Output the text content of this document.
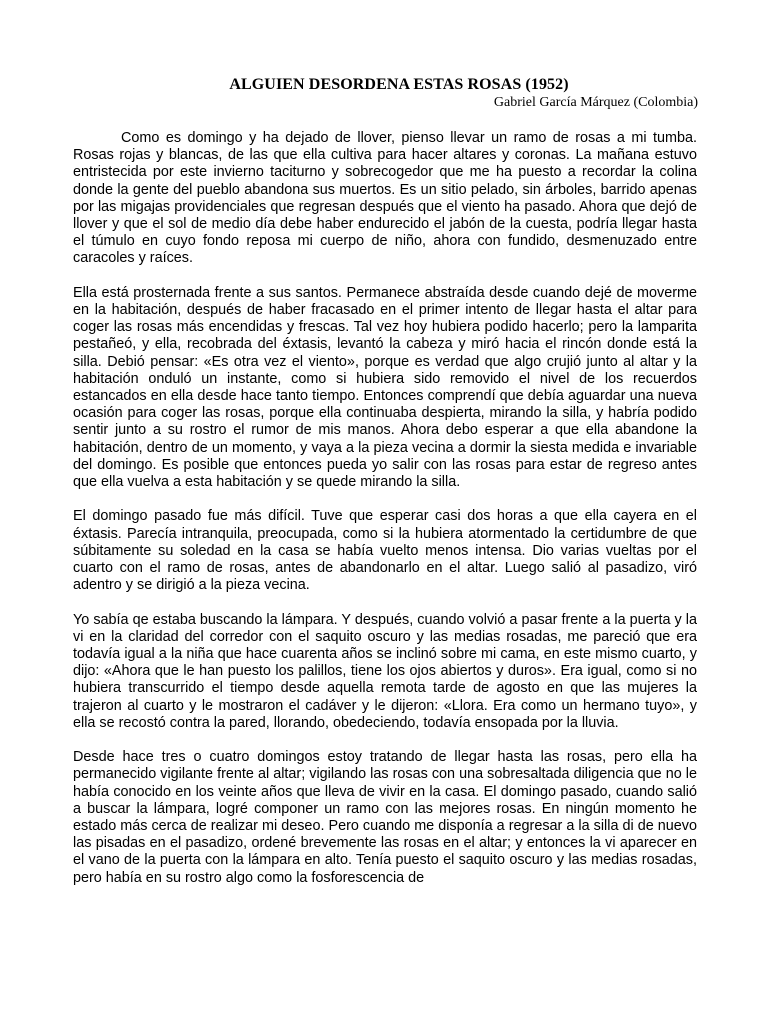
ALGUIEN DESORDENA ESTAS ROSAS (1952)
Gabriel García Márquez (Colombia)

Como es domingo y ha dejado de llover, pienso llevar un ramo de rosas a mi tumba. Rosas rojas y blancas, de las que ella cultiva para hacer altares y coronas. La mañana estuvo entristecida por este invierno taciturno y sobrecogedor que me ha puesto a recordar la colina donde la gente del pueblo abandona sus muertos. Es un sitio pelado, sin árboles, barrido apenas por las migajas providenciales que regresan después que el viento ha pasado. Ahora que dejó de llover y que el sol de medio día debe haber endurecido el jabón de la cuesta, podría llegar hasta el túmulo en cuyo fondo reposa mi cuerpo de niño, ahora con fundido, desmenuzado entre caracoles y raíces.

Ella está prosternada frente a sus santos. Permanece abstraída desde cuando dejé de moverme en la habitación, después de haber fracasado en el primer intento de llegar hasta el altar para coger las rosas más encendidas y frescas. Tal vez hoy hubiera podido hacerlo; pero la lamparita pestañeó, y ella, recobrada del éxtasis, levantó la cabeza y miró hacia el rincón donde está la silla. Debió pensar: «Es otra vez el viento», porque es verdad que algo crujió junto al altar y la habitación onduló un instante, como si hubiera sido removido el nivel de los recuerdos estancados en ella desde hace tanto tiempo. Entonces comprendí que debía aguardar una nueva ocasión para coger las rosas, porque ella continuaba despierta, mirando la silla, y habría podido sentir junto a su rostro el rumor de mis manos. Ahora debo esperar a que ella abandone la habitación, dentro de un momento, y vaya a la pieza vecina a dormir la siesta medida e invariable del domingo. Es posible que entonces pueda yo salir con las rosas para estar de regreso antes que ella vuelva a esta habitación y se quede mirando la silla.

El domingo pasado fue más difícil. Tuve que esperar casi dos horas a que ella cayera en el éxtasis. Parecía intranquila, preocupada, como si la hubiera atormentado la certidumbre de que súbitamente su soledad en la casa se había vuelto menos intensa. Dio varias vueltas por el cuarto con el ramo de rosas, antes de abandonarlo en el altar. Luego salió al pasadizo, viró adentro y se dirigió a la pieza vecina.

Yo sabía qe estaba buscando la lámpara. Y después, cuando volvió a pasar frente a la puerta y la vi en la claridad del corredor con el saquito oscuro y las medias rosadas, me pareció que era todavía igual a la niña que hace cuarenta años se inclinó sobre mi cama, en este mismo cuarto, y dijo: «Ahora que le han puesto los palillos, tiene los ojos abiertos y duros». Era igual, como si no hubiera transcurrido el tiempo desde aquella remota tarde de agosto en que las mujeres la trajeron al cuarto y le mostraron el cadáver y le dijeron: «Llora. Era como un hermano tuyo», y ella se recostó contra la pared, llorando, obedeciendo, todavía ensopada por la lluvia.

Desde hace tres o cuatro domingos estoy tratando de llegar hasta las rosas, pero ella ha permanecido vigilante frente al altar; vigilando las rosas con una sobresaltada diligencia que no le había conocido en los veinte años que lleva de vivir en la casa. El domingo pasado, cuando salió a buscar la lámpara, logré componer un ramo con las mejores rosas. En ningún momento he estado más cerca de realizar mi deseo. Pero cuando me disponía a regresar a la silla di de nuevo las pisadas en el pasadizo, ordené brevemente las rosas en el altar; y entonces la vi aparecer en el vano de la puerta con la lámpara en alto. Tenía puesto el saquito oscuro y las medias rosadas, pero había en su rostro algo como la fosforescencia de
